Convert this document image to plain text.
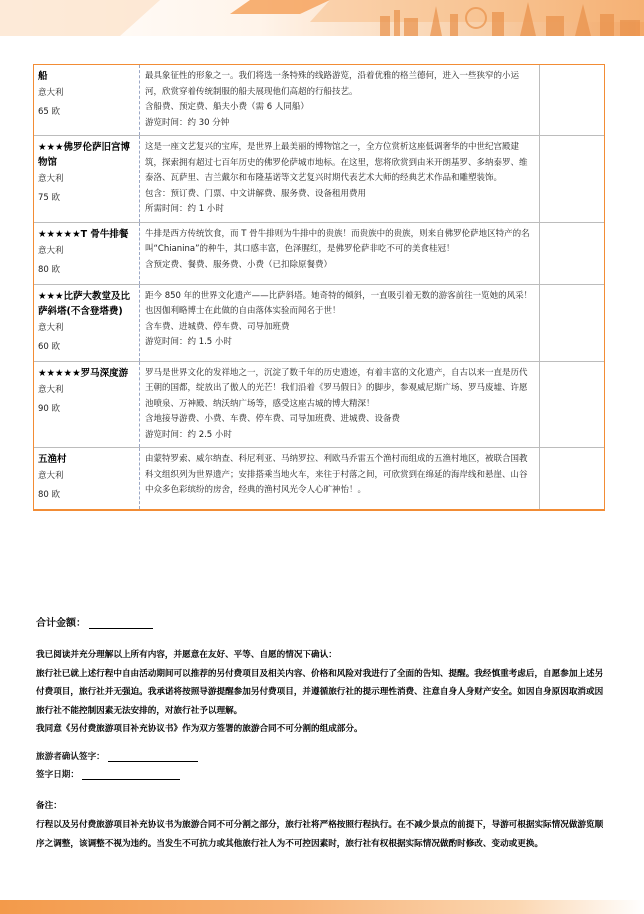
船
意大利
65 欧
最具象征性的形象之一。我们将选一条特殊的线路游览，沿着优雅的格兰德何，进入一些狭窄的小运河，欣赏穿着传统制服的船夫展现他们高超的行船技艺。
含船费、预定费、船夫小费（需 6 人同船）
游览时间：约 30 分钟
★★★佛罗伦萨旧宫博物馆
意大利
75 欧
这是一座文艺复兴的宝库，是世界上最美丽的博物馆之一，全方位赏析这座低调奢华的中世纪宫殿建筑，探索拥有超过七百年历史的佛罗伦萨城市地标。在这里，您将欣赏到由米开朗基罗、多纳泰罗、维泰洛、瓦萨里、吉兰戴尔和布隆基诺等文艺复兴时期代表艺术大师的经典艺术作品和雕塑装饰。
包含：预订费、门票、中文讲解费、服务费、设备租用费用
所需时间：约 1 小时
★★★★★T 骨牛排餐
意大利
80 欧
牛排是西方传统饮食，而 T 骨牛排则为牛排中的贵族！而贵族中的贵族，则来自佛罗伦萨地区特产的名叫“Chianina”的种牛，其口感丰富，色泽腥红，是佛罗伦萨非吃不可的美食桂冠！
含预定费、餐费、服务费、小费（已扣除原餐费）
★★★比萨大教堂及比萨斜塔(不含登塔费)
意大利
60 欧
距今 850 年的世界文化遗产——比萨斜塔。她奇特的倾斜，一直吸引着无数的游客前往一览她的风采！也因伽利略博士在此做的自由落体实验而闻名于世！
含车费、进城费、停车费、司导加班费
游览时间：约 1.5 小时
★★★★★罗马深度游
意大利
90 欧
罗马是世界文化的发祥地之一，沉淀了数千年的历史遗迹，有着丰富的文化遗产，自古以来一直是历代王朝的国都，绽放出了傲人的光芒！我们沿着《罗马假日》的脚步，参观威尼斯广场、罗马废墟、许愿池喷泉、万神殿、纳沃纳广场等，感受这座古城的博大精深！
含地接导游费、小费、车费、停车费、司导加班费、进城费、设备费
游览时间：约 2.5 小时
五渔村
意大利
80 欧
由蒙特罗索、威尔纳查、科尼利亚、马纳罗拉、利欧马乔雷五个渔村而组成的五渔村地区，被联合国教科文组织列为世界遗产；安排搭乘当地火车，来往于村落之间，可欣赏到在绵延的海岸线和悬崖、山谷中众多色彩缤纷的房舍，经典的渔村风光令人心旷神怡！。
合计金额：
我已阅读并充分理解以上所有内容，并愿意在友好、平等、自愿的情况下确认：
旅行社已就上述行程中自由活动期间可以推荐的另付费项目及相关内容、价格和风险对我进行了全面的告知、提醒。我经慎重考虑后，自愿参加上述另付费项目，旅行社并无强迫。我承诺将按照导游提醒参加另付费项目，并遵循旅行社的提示理性消费、注意自身人身财产安全。如因自身原因取消或因旅行社不能控制因素无法安排的，对旅行社予以理解。
我同意《另付费旅游项目补充协议书》作为双方签署的旅游合同不可分割的组成部分。
旅游者确认签字：
签字日期：
备注：
行程以及另付费旅游项目补充协议书为旅游合同不可分割之部分，旅行社将严格按照行程执行。在不减少景点的前提下，导游可根据实际情况做游览顺序之调整，该调整不视为违约。当发生不可抗力或其他旅行社人为不可控因素时，旅行社有权根据实际情况做酌时修改、变动或更换。
